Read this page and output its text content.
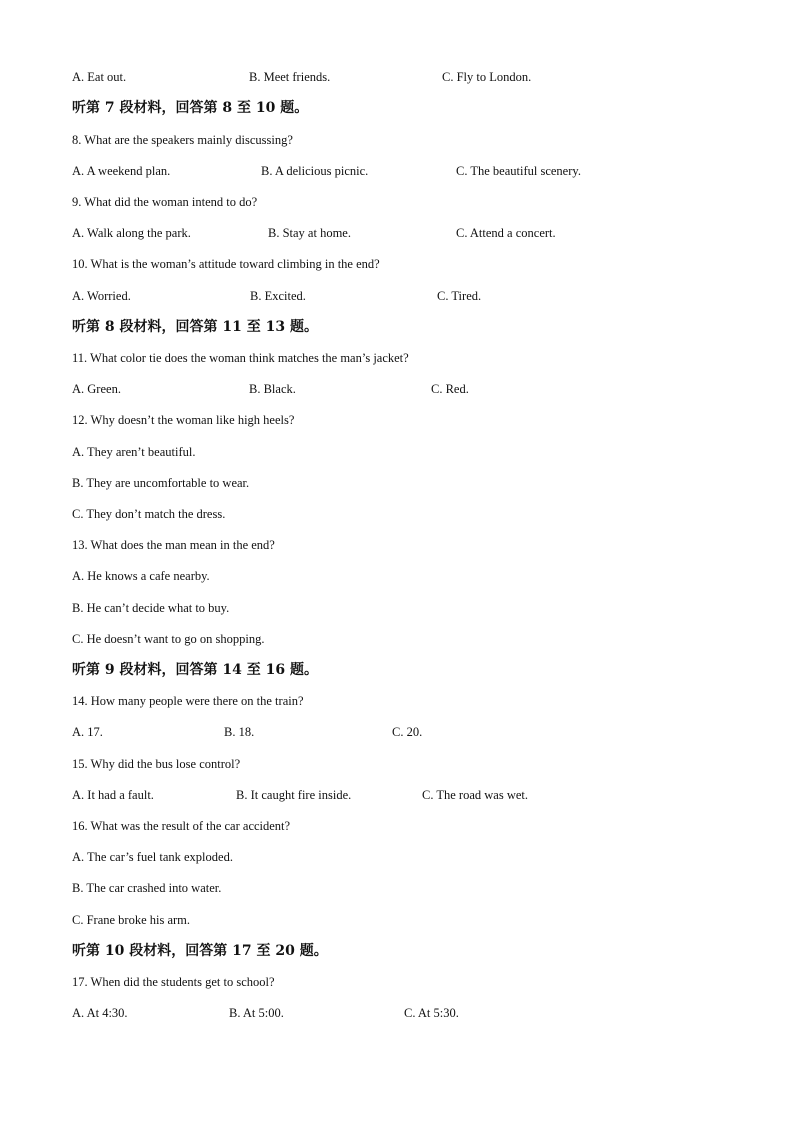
A. Eat out.	B. Meet friends.	C. Fly to London.
听第 7 段材料，回答第 8 至 10 题。
8. What are the speakers mainly discussing?
A. A weekend plan.	B. A delicious picnic.	C. The beautiful scenery.
9. What did the woman intend to do?
A. Walk along the park.	B. Stay at home.	C. Attend a concert.
10. What is the woman’s attitude toward climbing in the end?
A. Worried.	B. Excited.	C. Tired.
听第 8 段材料，回答第 11 至 13 题。
11. What color tie does the woman think matches the man’s jacket?
A. Green.	B. Black.	C. Red.
12. Why doesn’t the woman like high heels?
A. They aren’t beautiful.
B. They are uncomfortable to wear.
C. They don’t match the dress.
13. What does the man mean in the end?
A. He knows a cafe nearby.
B. He can’t decide what to buy.
C. He doesn’t want to go on shopping.
听第 9 段材料，回答第 14 至 16 题。
14. How many people were there on the train?
A. 17.	B. 18.	C. 20.
15. Why did the bus lose control?
A. It had a fault.	B. It caught fire inside.	C. The road was wet.
16. What was the result of the car accident?
A. The car’s fuel tank exploded.
B. The car crashed into water.
C. Frane broke his arm.
听第 10 段材料，回答第 17 至 20 题。
17. When did the students get to school?
A. At 4:30.	B. At 5:00.	C. At 5:30.
